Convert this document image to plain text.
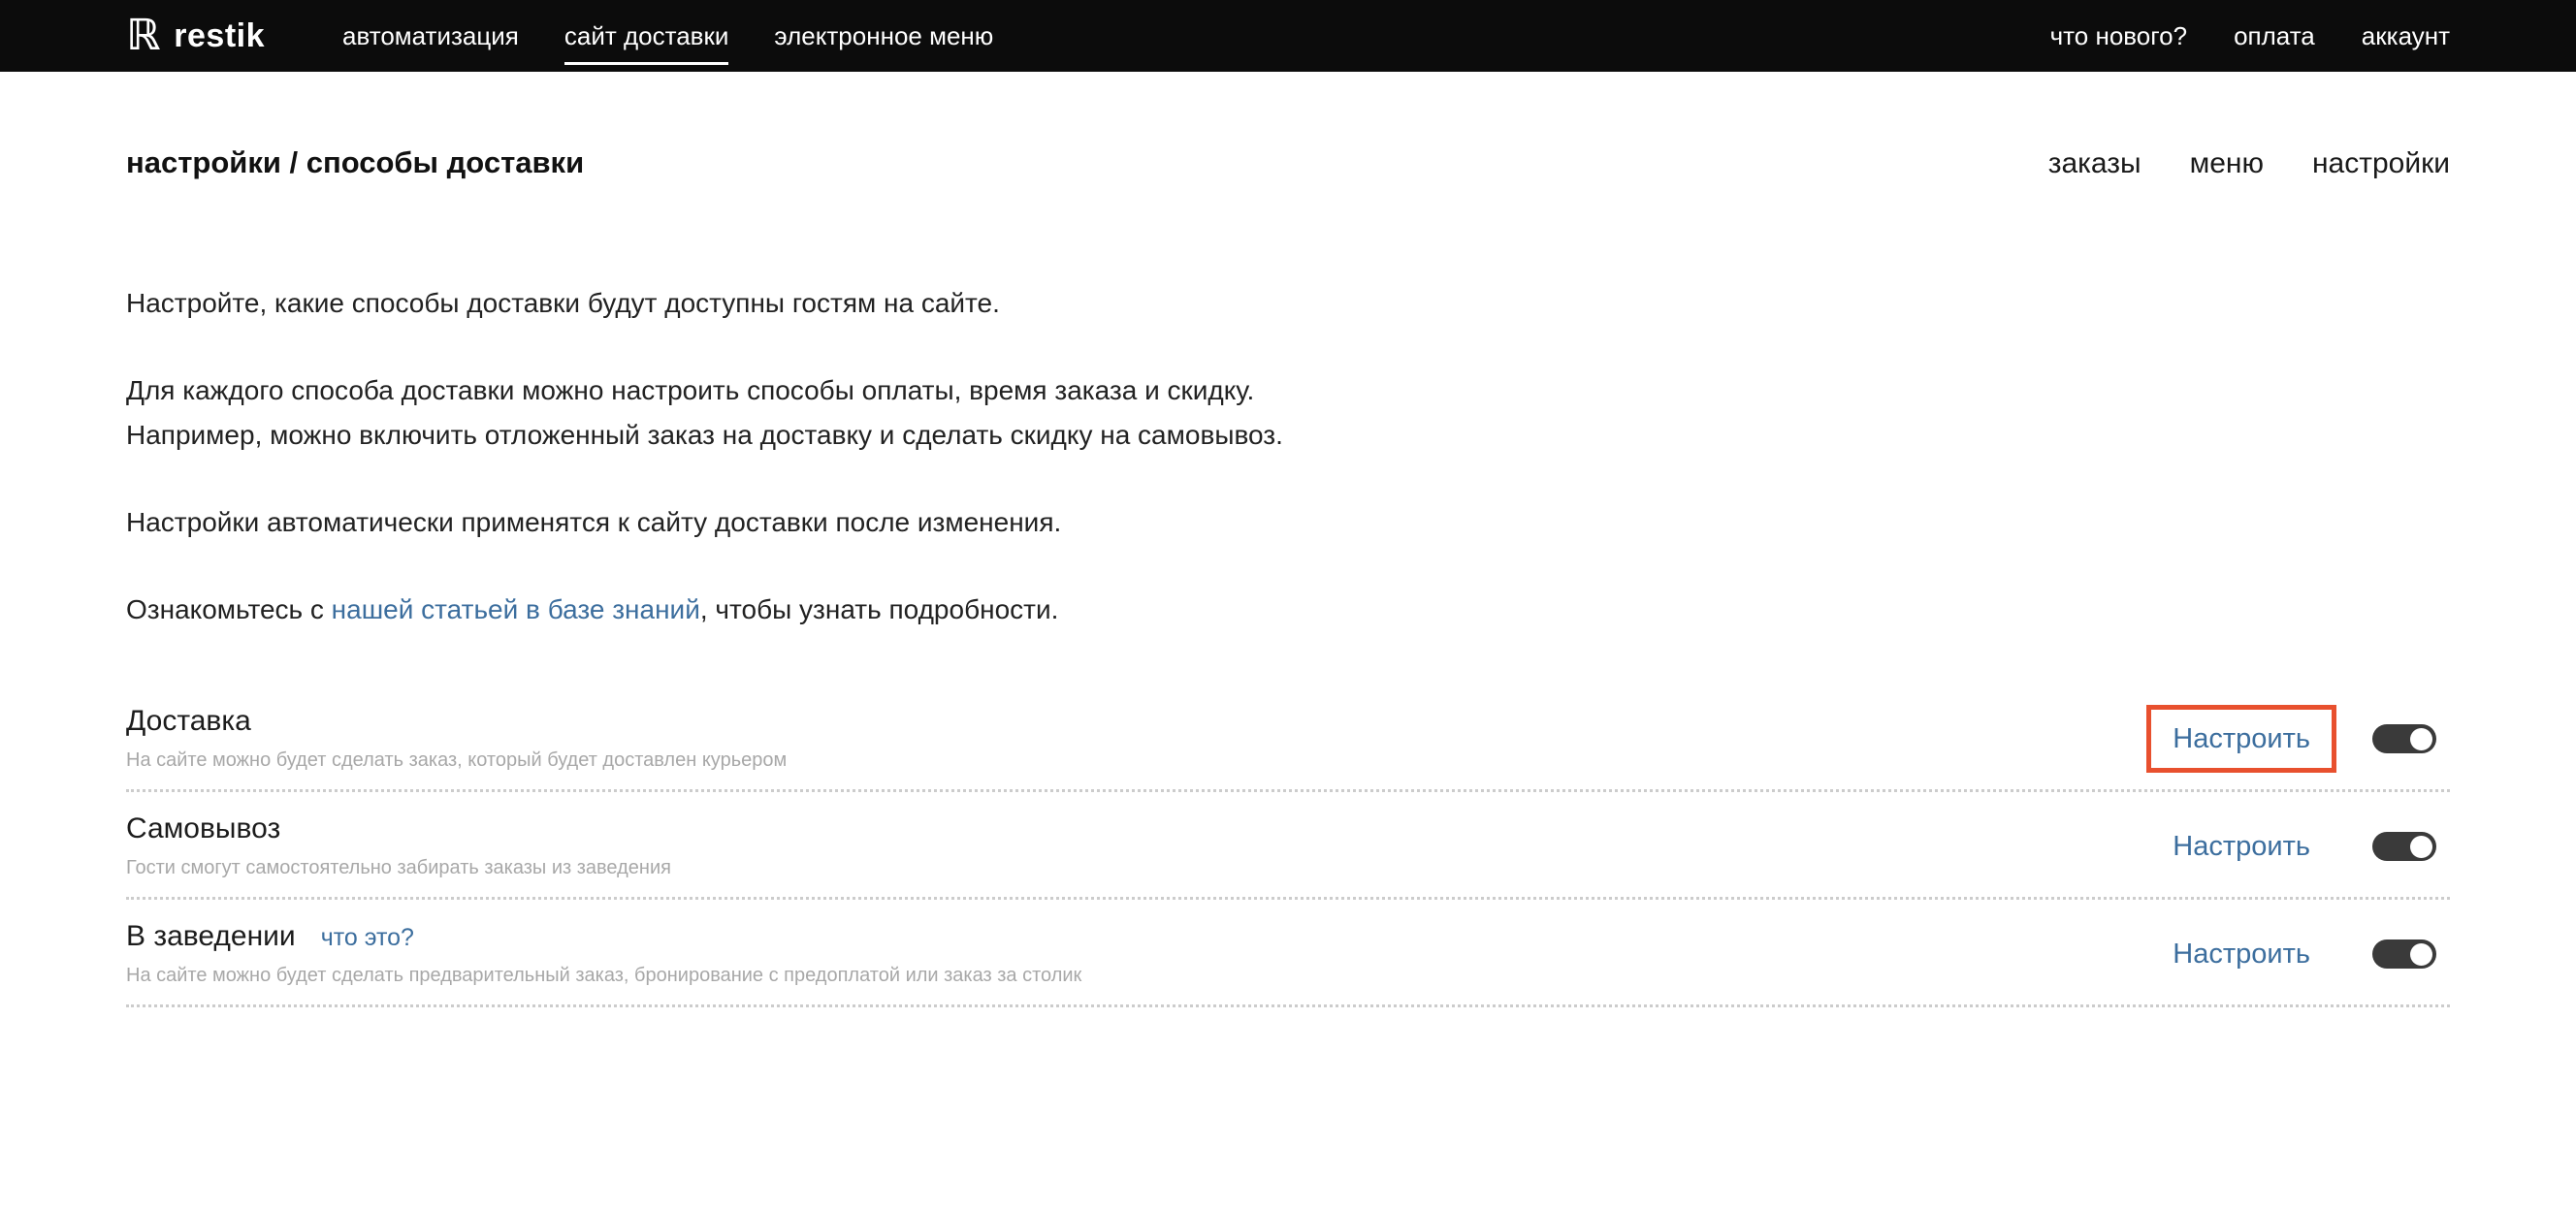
ℝ restik	автоматизация сайт доставки электронное меню	что нового? оплата аккаунт
настройки / способы доставки	заказы меню настройки

Настройте, какие способы доставки будут доступны гостям на сайте.

Для каждого способа доставки можно настроить способы оплаты, время заказа и скидку.
Например, можно включить отложенный заказ на доставку и сделать скидку на самовывоз.

Настройки автоматически применятся к сайту доставки после изменения.

Ознакомьтесь с нашей статьей в базе знаний, чтобы узнать подробности.

Доставка
На сайте можно будет сделать заказ, который будет доставлен курьером
Настроить
Самовывоз
Гости смогут самостоятельно забирать заказы из заведения
Настроить
В заведении что это?
На сайте можно будет сделать предварительный заказ, бронирование с предоплатой или заказ за столик
Настроить
